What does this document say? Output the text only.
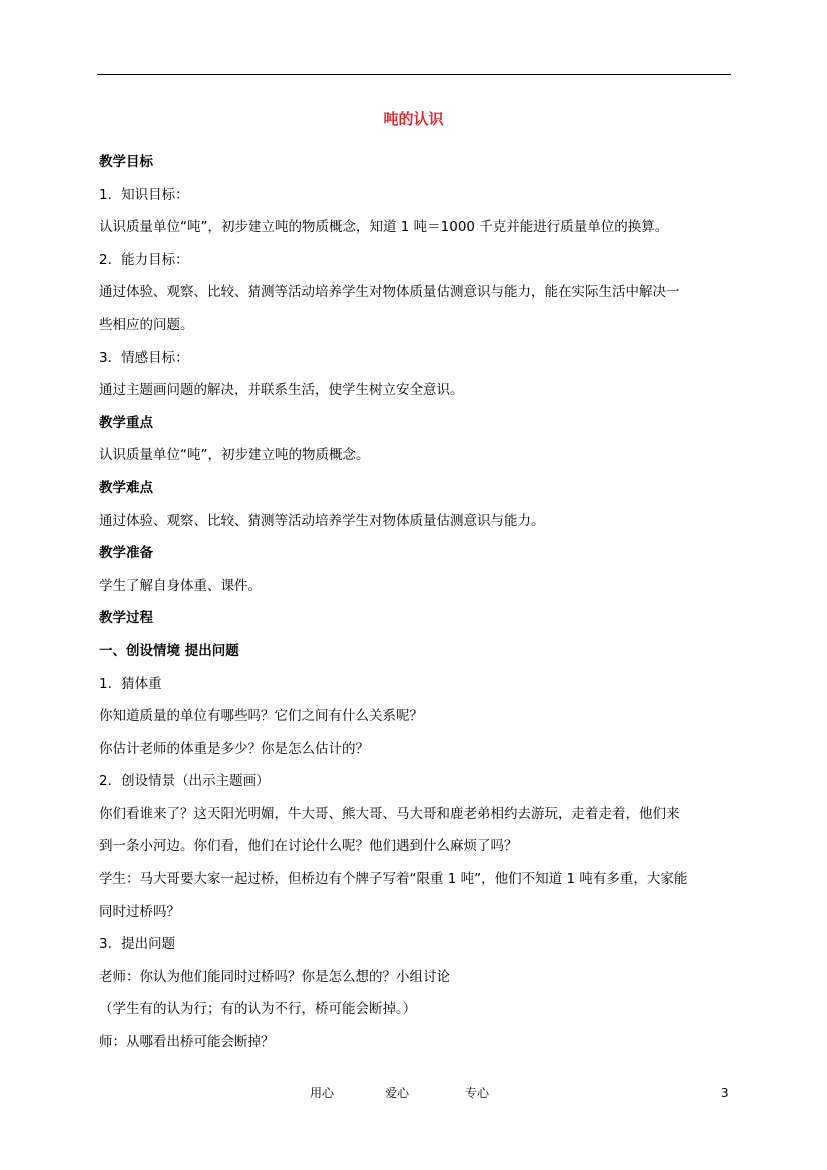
吨的认识
教学目标
1．知识目标：
认识质量单位“吨”，初步建立吨的物质概念，知道 1 吨＝1000 千克并能进行质量单位的换算。
2．能力目标：
通过体验、观察、比较、猜测等活动培养学生对物体质量估测意识与能力，能在实际生活中解决一
些相应的问题。
3．情感目标：
通过主题画问题的解决，并联系生活，使学生树立安全意识。
教学重点
认识质量单位“吨”，初步建立吨的物质概念。
教学难点
通过体验、观察、比较、猜测等活动培养学生对物体质量估测意识与能力。
教学准备
学生了解自身体重、课件。
教学过程
一、创设情境 提出问题
1．猜体重
你知道质量的单位有哪些吗？它们之间有什么关系呢？
你估计老师的体重是多少？你是怎么估计的？
2．创设情景（出示主题画）
你们看谁来了？这天阳光明媚，牛大哥、熊大哥、马大哥和鹿老弟相约去游玩，走着走着，他们来
到一条小河边。你们看，他们在讨论什么呢？他们遇到什么麻烦了吗？
学生：马大哥要大家一起过桥，但桥边有个牌子写着“限重 1 吨”，他们不知道 1 吨有多重，大家能
同时过桥吗？
3．提出问题
老师：你认为他们能同时过桥吗？你是怎么想的？小组讨论
（学生有的认为行；有的认为不行，桥可能会断掉。）
师：从哪看出桥可能会断掉？
用心	爱心	专心	3
